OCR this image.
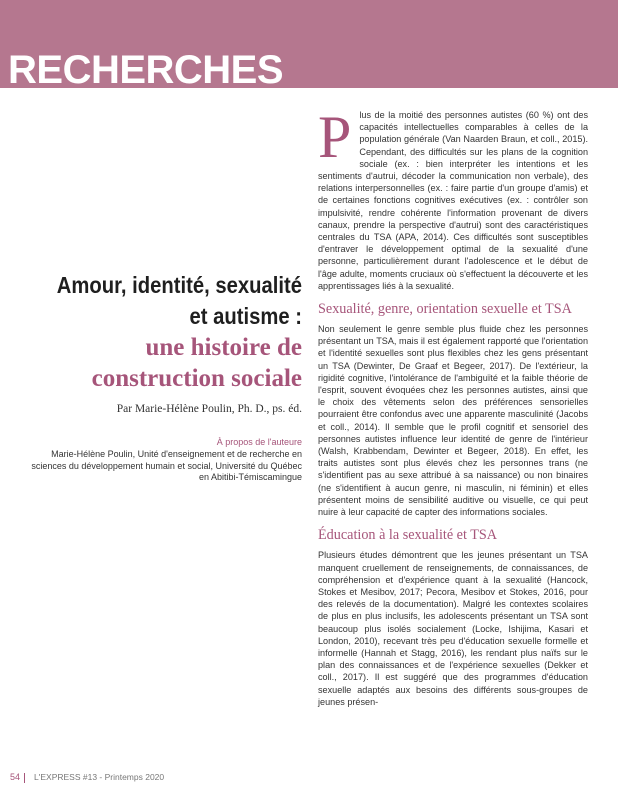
RECHERCHES
Amour, identité, sexualité et autisme :
une histoire de construction sociale

Par Marie-Hélène Poulin, Ph. D., ps. éd.

À propos de l'auteure

Marie-Hélène Poulin, Unité d'enseignement et de recherche en sciences du développement humain et social, Université du Québec en Abitibi-Témiscamingue

Plus de la moitié des personnes autistes (60 %) ont des capacités intellectuelles comparables à celles de la population générale (Van Naarden Braun, et coll., 2015). Cependant, des difficultés sur les plans de la cognition sociale (ex. : bien interpréter les intentions et les sentiments d'autrui, décoder la communication non verbale), des relations interpersonnelles (ex. : faire partie d'un groupe d'amis) et de certaines fonctions cognitives exécutives (ex. : contrôler son impulsivité, rendre cohérente l'information provenant de divers canaux, prendre la perspective d'autrui) sont des caractéristiques centrales du TSA (APA, 2014). Ces difficultés sont susceptibles d'entraver le développement optimal de la sexualité d'une personne, particulièrement durant l'adolescence et le début de l'âge adulte, moments cruciaux où s'effectuent la découverte et les apprentissages liés à la sexualité.

Sexualité, genre, orientation sexuelle et TSA

Non seulement le genre semble plus fluide chez les personnes présentant un TSA, mais il est également rapporté que l'orientation et l'identité sexuelles sont plus flexibles chez les gens présentant un TSA (Dewinter, De Graaf et Begeer, 2017). De l'extérieur, la rigidité cognitive, l'intolérance de l'ambiguïté et la faible théorie de l'esprit, souvent évoquées chez les personnes autistes, ainsi que le choix des vêtements selon des préférences sensorielles pourraient être confondus avec une apparente masculinité (Jacobs et coll., 2014). Il semble que le profil cognitif et sensoriel des personnes autistes influence leur identité de genre de l'intérieur (Walsh, Krabbendam, Dewinter et Begeer, 2018). En effet, les traits autistes sont plus élevés chez les personnes trans (ne s'identifient pas au sexe attribué à sa naissance) ou non binaires (ne s'identifient à aucun genre, ni masculin, ni féminin) et elles présentent moins de sensibilité auditive ou visuelle, ce qui peut nuire à leur capacité de capter des informations sociales.

Éducation à la sexualité et TSA

Plusieurs études démontrent que les jeunes présentant un TSA manquent cruellement de renseignements, de connaissances, de compréhension et d'expérience quant à la sexualité (Hancock, Stokes et Mesibov, 2017; Pecora, Mesibov et Stokes, 2016, pour des relevés de la documentation). Malgré les contextes scolaires de plus en plus inclusifs, les adolescents présentant un TSA sont beaucoup plus isolés socialement (Locke, Ishijima, Kasari et London, 2010), recevant très peu d'éducation sexuelle formelle et informelle (Hannah et Stagg, 2016), les rendant plus naïfs sur le plan des connaissances et de l'expérience sexuelles (Dekker et coll., 2017). Il est suggéré que des programmes d'éducation sexuelle adaptés aux besoins des différents sous-groupes de jeunes présen-

54 L'EXPRESS #13 - Printemps 2020
